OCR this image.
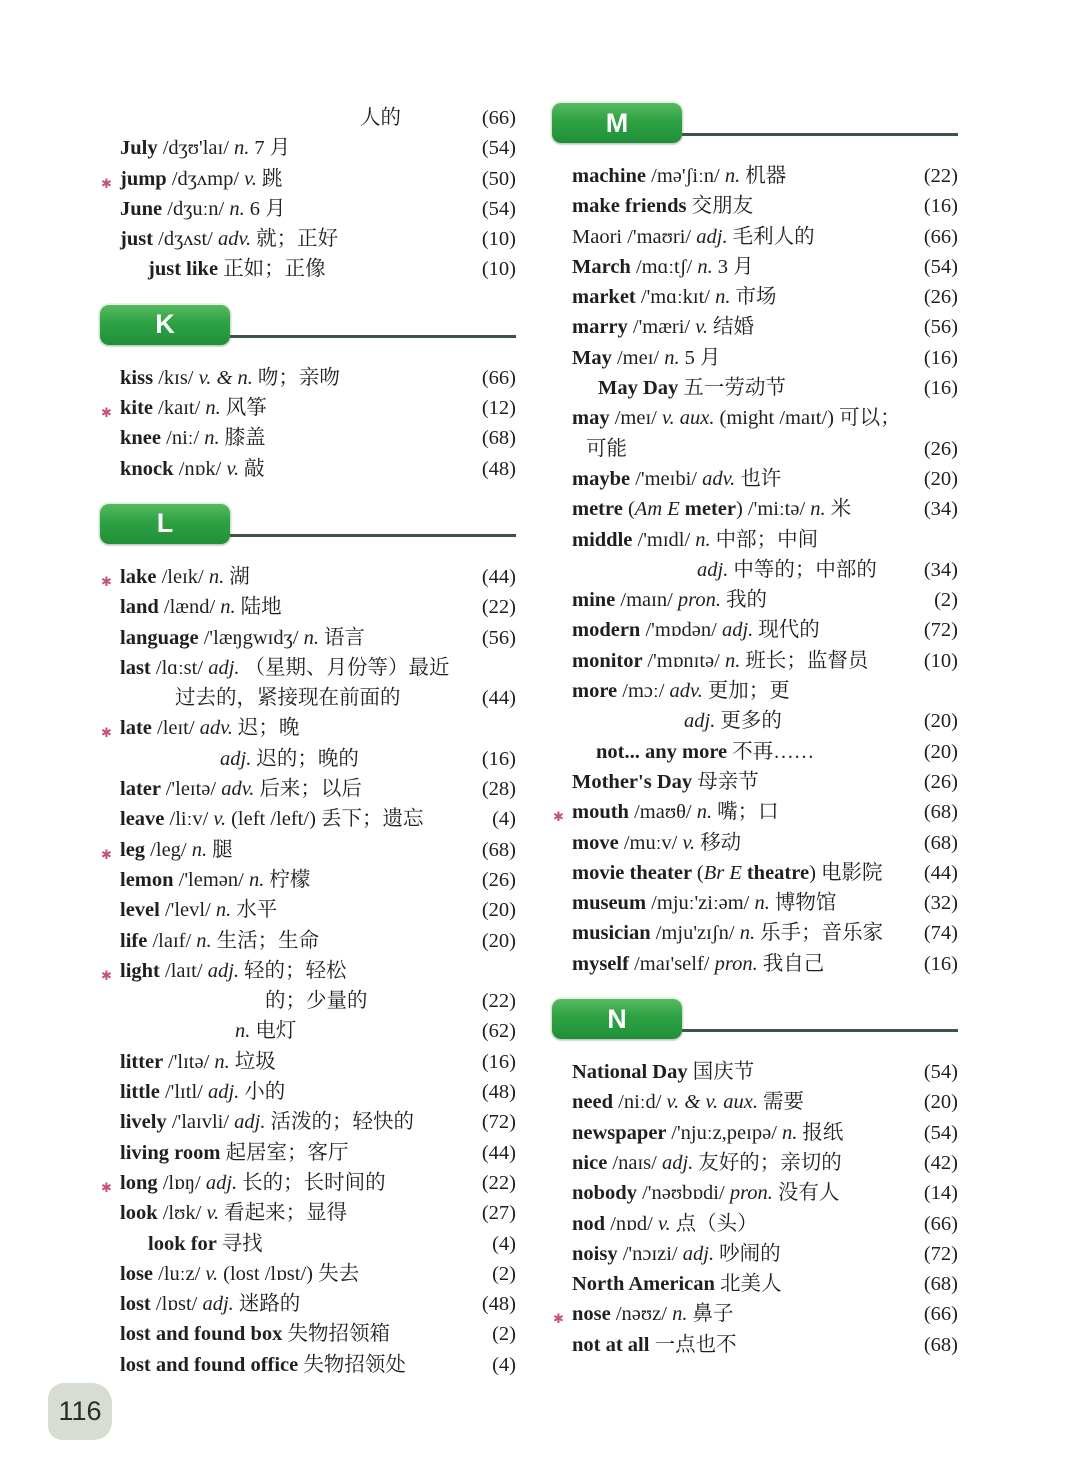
人的	(66)
July /dʒʊ'laɪ/ n. 7 月	(54)
✱ jump /dʒʌmp/ v. 跳	(50)
June /dʒuːn/ n. 6 月	(54)
just /dʒʌst/ adv. 就；正好	(10)
just like 正如；正像	(10)
K
kiss /kɪs/ v. & n. 吻；亲吻	(66)
✱ kite /kaɪt/ n. 风筝	(12)
knee /niː/ n. 膝盖	(68)
knock /nɒk/ v. 敲	(48)
L
✱ lake /leɪk/ n. 湖	(44)
land /lænd/ n. 陆地	(22)
language /'læŋgwɪdʒ/ n. 语言	(56)
last /lɑːst/ adj. （星期、月份等）最近
过去的，紧接现在前面的	(44)
✱ late /leɪt/ adv. 迟；晚
adj. 迟的；晚的	(16)
later /'leɪtə/ adv. 后来；以后	(28)
leave /liːv/ v. (left /left/) 丢下；遗忘	(4)
✱ leg /leg/ n. 腿	(68)
lemon /'lemən/ n. 柠檬	(26)
level /'levl/ n. 水平	(20)
life /laɪf/ n. 生活；生命	(20)
✱ light /laɪt/ adj. 轻的；轻松
的；少量的	(22)
n. 电灯	(62)
litter /'lɪtə/ n. 垃圾	(16)
little /'lɪtl/ adj. 小的	(48)
lively /'laɪvli/ adj. 活泼的；轻快的	(72)
living room 起居室；客厅	(44)
✱ long /lɒŋ/ adj. 长的；长时间的	(22)
look /lʊk/ v. 看起来；显得	(27)
look for 寻找	(4)
lose /luːz/ v. (lost /lɒst/) 失去	(2)
lost /lɒst/ adj. 迷路的	(48)
lost and found box 失物招领箱	(2)
lost and found office 失物招领处	(4)
M
machine /mə'ʃiːn/ n. 机器	(22)
make friends 交朋友	(16)
Maori /'maʊri/ adj. 毛利人的	(66)
March /mɑːtʃ/ n. 3 月	(54)
market /'mɑːkɪt/ n. 市场	(26)
marry /'mæri/ v. 结婚	(56)
May /meɪ/ n. 5 月	(16)
May Day 五一劳动节	(16)
may /meɪ/ v. aux. (might /maɪt/) 可以；
可能	(26)
maybe /'meɪbi/ adv. 也许	(20)
metre (Am E meter) /'miːtə/ n. 米	(34)
middle /'mɪdl/ n. 中部；中间
adj. 中等的；中部的	(34)
mine /maɪn/ pron. 我的	(2)
modern /'mɒdən/ adj. 现代的	(72)
monitor /'mɒnɪtə/ n. 班长；监督员	(10)
more /mɔː/ adv. 更加；更
adj. 更多的	(20)
not... any more 不再……	(20)
Mother's Day 母亲节	(26)
✱ mouth /maʊθ/ n. 嘴；口	(68)
move /muːv/ v. 移动	(68)
movie theater (Br E theatre) 电影院	(44)
museum /mjuː'ziːəm/ n. 博物馆	(32)
musician /mju'zɪʃn/ n. 乐手；音乐家	(74)
myself /maɪ'self/ pron. 我自己	(16)
N
National Day 国庆节	(54)
need /niːd/ v. & v. aux. 需要	(20)
newspaper /'njuːz,peɪpə/ n. 报纸	(54)
nice /naɪs/ adj. 友好的；亲切的	(42)
nobody /'nəʊbɒdi/ pron. 没有人	(14)
nod /nɒd/ v. 点（头）	(66)
noisy /'nɔɪzi/ adj. 吵闹的	(72)
North American 北美人	(68)
✱ nose /nəʊz/ n. 鼻子	(66)
not at all 一点也不	(68)
116
